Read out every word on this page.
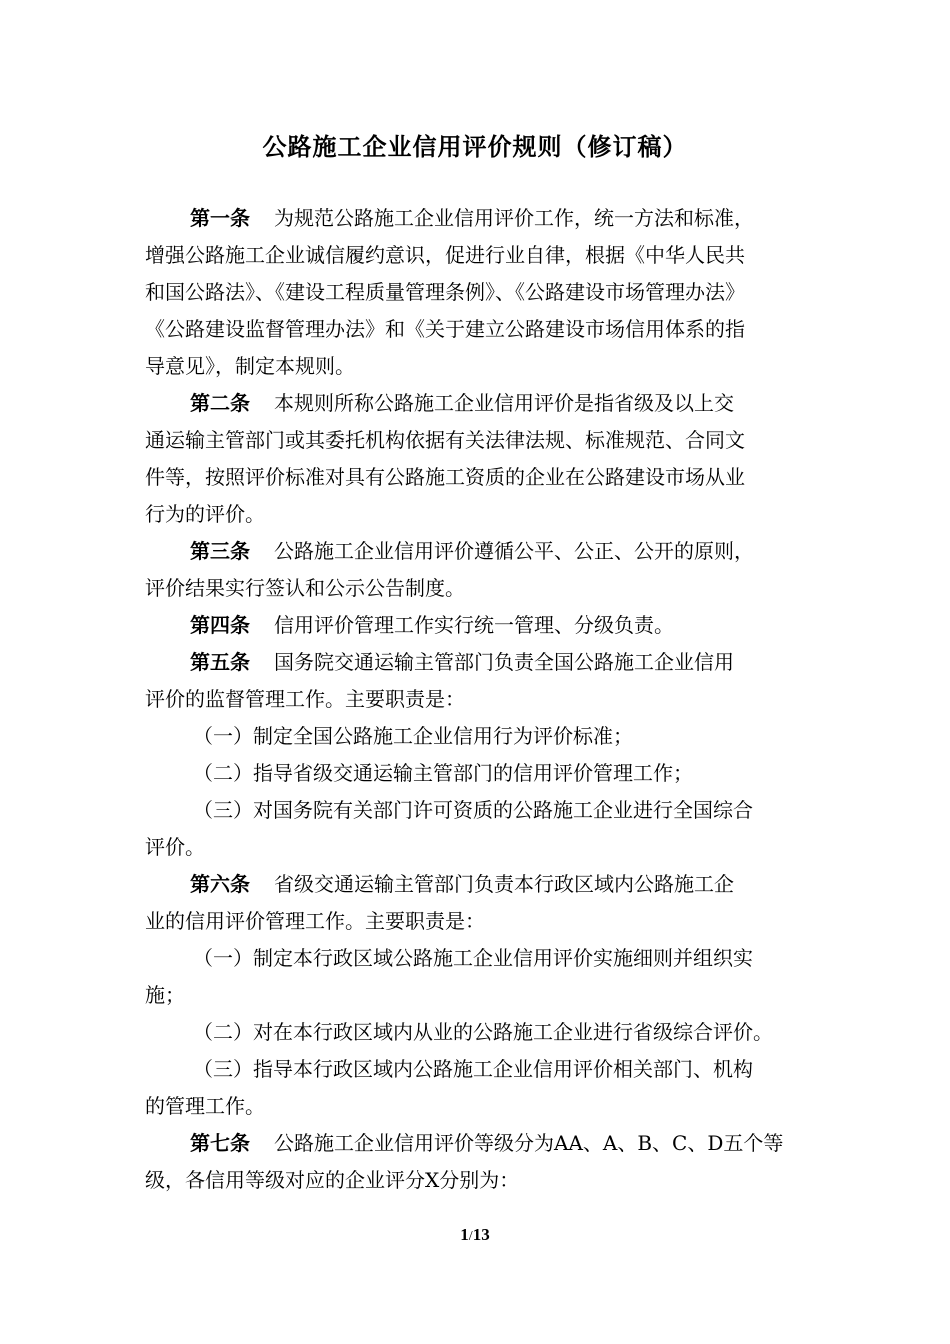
公路施工企业信用评价规则（修订稿）

第一条 为规范公路施工企业信用评价工作，统一方法和标准，

增强公路施工企业诚信履约意识，促进行业自律，根据《中华人民共

和国公路法》、《建设工程质量管理条例》、《公路建设市场管理办法》

《公路建设监督管理办法》和《关于建立公路建设市场信用体系的指

导意见》，制定本规则。

第二条 本规则所称公路施工企业信用评价是指省级及以上交

通运输主管部门或其委托机构依据有关法律法规、标准规范、合同文

件等，按照评价标准对具有公路施工资质的企业在公路建设市场从业

行为的评价。

第三条 公路施工企业信用评价遵循公平、公正、公开的原则，

评价结果实行签认和公示公告制度。

第四条 信用评价管理工作实行统一管理、分级负责。

第五条 国务院交通运输主管部门负责全国公路施工企业信用

评价的监督管理工作。主要职责是：

（一）制定全国公路施工企业信用行为评价标准；

（二）指导省级交通运输主管部门的信用评价管理工作；

（三）对国务院有关部门许可资质的公路施工企业进行全国综合

评价。

第六条 省级交通运输主管部门负责本行政区域内公路施工企

业的信用评价管理工作。主要职责是：

（一）制定本行政区域公路施工企业信用评价实施细则并组织实

施；

（二）对在本行政区域内从业的公路施工企业进行省级综合评价。

（三）指导本行政区域内公路施工企业信用评价相关部门、机构

的管理工作。

第七条 公路施工企业信用评价等级分为AA、A、B、C、D五个等

级，各信用等级对应的企业评分X分别为：

1/13
